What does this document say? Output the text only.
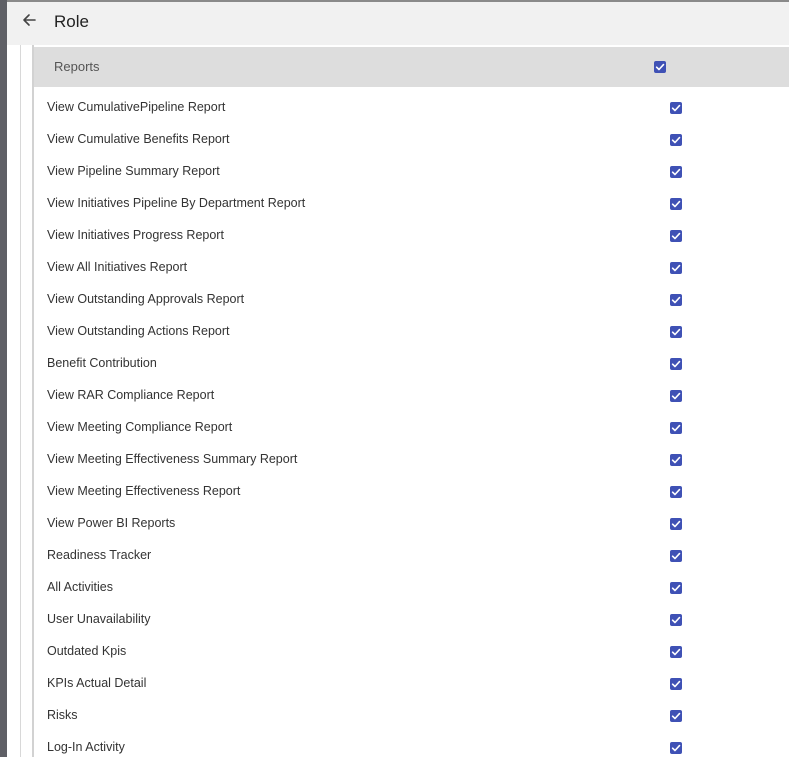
Role
Reports
View CumulativePipeline Report
View Cumulative Benefits Report
View Pipeline Summary Report
View Initiatives Pipeline By Department Report
View Initiatives Progress Report
View All Initiatives Report
View Outstanding Approvals Report
View Outstanding Actions Report
Benefit Contribution
View RAR Compliance Report
View Meeting Compliance Report
View Meeting Effectiveness Summary Report
View Meeting Effectiveness Report
View Power BI Reports
Readiness Tracker
All Activities
User Unavailability
Outdated Kpis
KPIs Actual Detail
Risks
Log-In Activity
